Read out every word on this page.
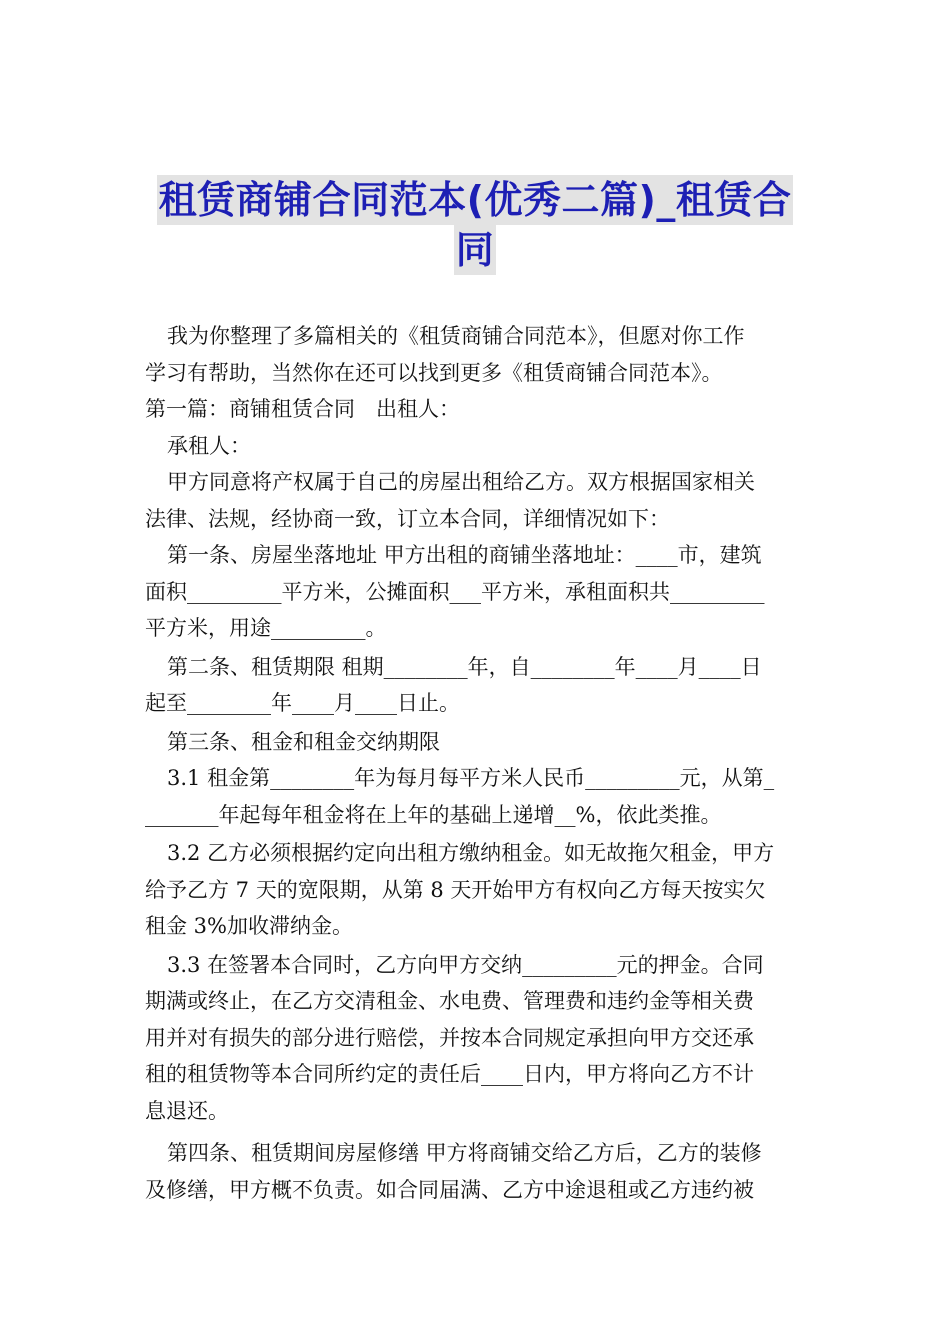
租赁商铺合同范本(优秀二篇)_租赁合
同

我为你整理了多篇相关的《租赁商铺合同范本》，但愿对你工作

学习有帮助，当然你在还可以找到更多《租赁商铺合同范本》。

第一篇：商铺租赁合同　出租人：

承租人：

甲方同意将产权属于自己的房屋出租给乙方。双方根据国家相关

法律、法规，经协商一致，订立本合同，详细情况如下：

第一条、房屋坐落地址 甲方出租的商铺坐落地址：____市，建筑

面积_________平方米，公摊面积___平方米，承租面积共_________

平方米，用途_________。

第二条、租赁期限 租期________年，自________年____月____日

起至________年____月____日止。

第三条、租金和租金交纳期限

3.1 租金第________年为每月每平方米人民币_________元，从第_

_______年起每年租金将在上年的基础上递增__%，依此类推。

3.2 乙方必须根据约定向出租方缴纳租金。如无故拖欠租金，甲方

给予乙方 7 天的宽限期，从第 8 天开始甲方有权向乙方每天按实欠

租金 3%加收滞纳金。

3.3 在签署本合同时，乙方向甲方交纳_________元的押金。合同

期满或终止，在乙方交清租金、水电费、管理费和违约金等相关费

用并对有损失的部分进行赔偿，并按本合同规定承担向甲方交还承

租的租赁物等本合同所约定的责任后____日内，甲方将向乙方不计

息退还。

第四条、租赁期间房屋修缮 甲方将商铺交给乙方后，乙方的装修

及修缮，甲方概不负责。如合同届满、乙方中途退租或乙方违约被
